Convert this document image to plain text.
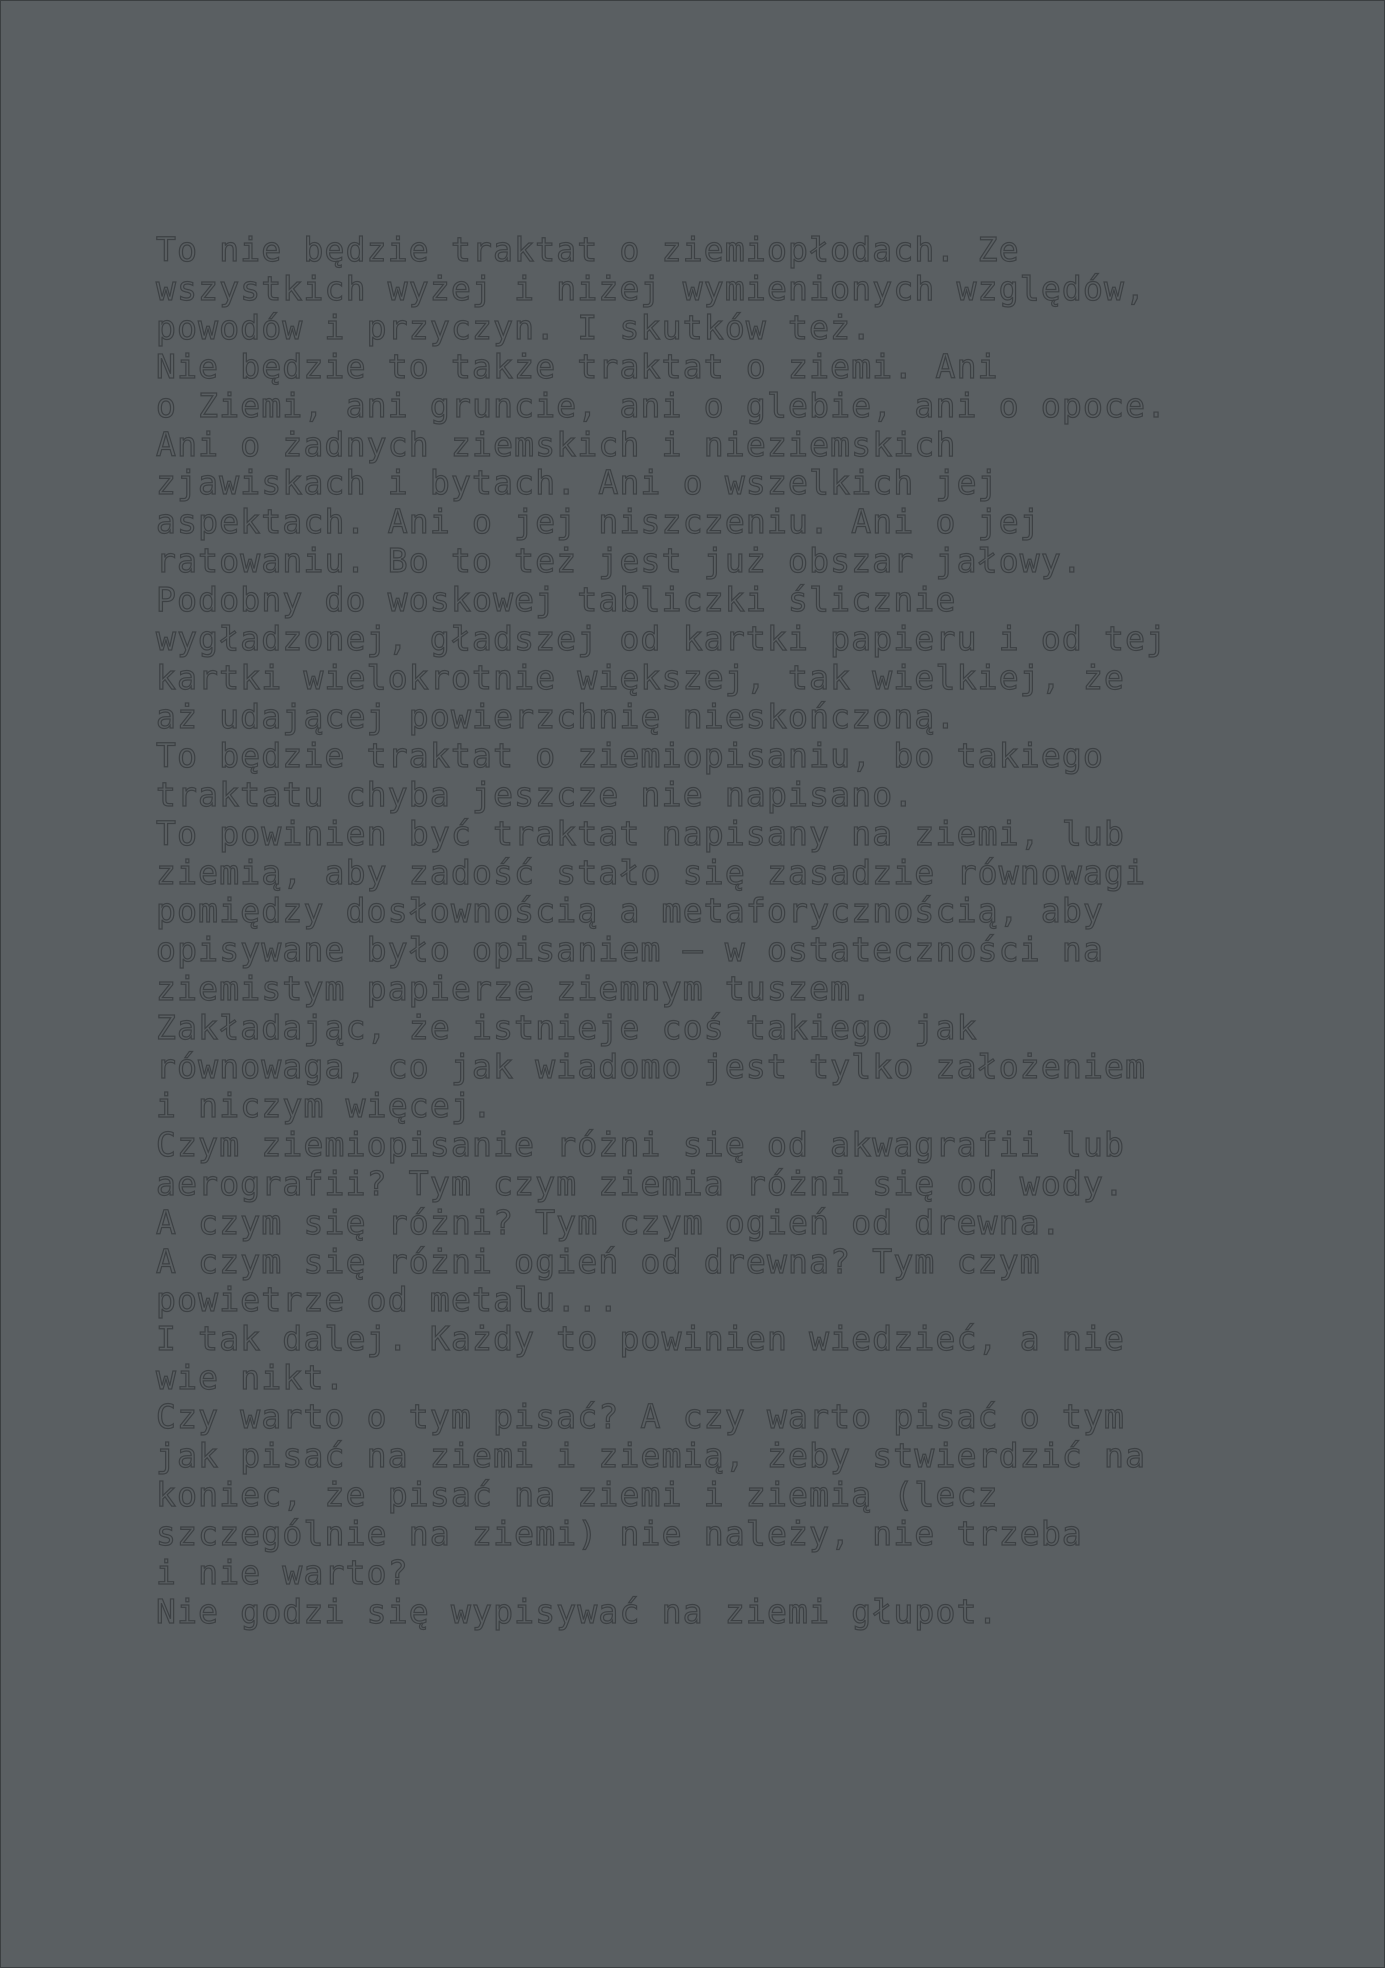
To nie będzie traktat o ziemiopłodach. Ze
wszystkich wyżej i niżej wymienionych względów,
powodów i przyczyn. I skutków też.
Nie będzie to także traktat o ziemi. Ani
o Ziemi, ani gruncie, ani o glebie, ani o opoce.
Ani o żadnych ziemskich i nieziemskich
zjawiskach i bytach. Ani o wszelkich jej
aspektach. Ani o jej niszczeniu. Ani o jej
ratowaniu. Bo to też jest już obszar jałowy.
Podobny do woskowej tabliczki ślicznie
wygładzonej, gładszej od kartki papieru i od tej
kartki wielokrotnie większej, tak wielkiej, że
aż udającej powierzchnię nieskończoną.
To będzie traktat o ziemiopisaniu, bo takiego
traktatu chyba jeszcze nie napisano.
To powinien być traktat napisany na ziemi, lub
ziemią, aby zadość stało się zasadzie równowagi
pomiędzy dosłownością a metaforycznością, aby
opisywane było opisaniem – w ostateczności na
ziemistym papierze ziemnym tuszem.
Zakładając, że istnieje coś takiego jak
równowaga, co jak wiadomo jest tylko założeniem
i niczym więcej.
Czym ziemiopisanie różni się od akwagrafii lub
aerografii? Tym czym ziemia różni się od wody.
A czym się różni? Tym czym ogień od drewna.
A czym się różni ogień od drewna? Tym czym
powietrze od metalu...
I tak dalej. Każdy to powinien wiedzieć, a nie
wie nikt.
Czy warto o tym pisać? A czy warto pisać o tym
jak pisać na ziemi i ziemią, żeby stwierdzić na
koniec, że pisać na ziemi i ziemią (lecz
szczególnie na ziemi) nie należy, nie trzeba
i nie warto?
Nie godzi się wypisywać na ziemi głupot.
